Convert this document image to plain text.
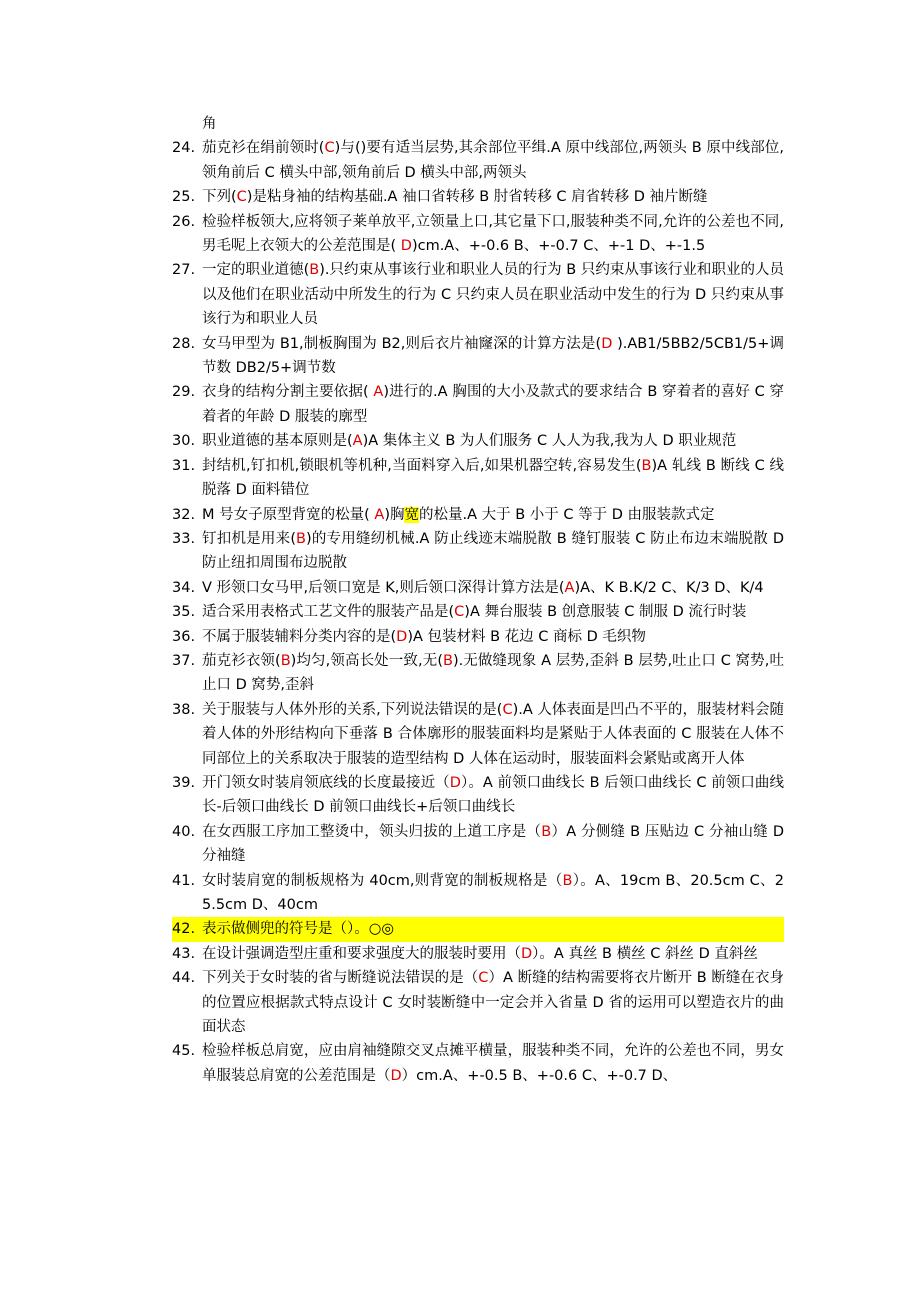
角
24. 茄克衫在绢前领时(C)与()要有适当层势,其余部位平缉.A 原中线部位,两领头 B 原中线部位,领角前后 C 横头中部,领角前后 D 横头中部,两领头
25. 下列(C)是粘身袖的结构基础.A 袖口省转移 B 肘省转移 C 肩省转移 D 袖片断缝
26. 检验样板领大,应将领子莱单放平,立领量上口,其它量下口,服装种类不同,允许的公差也不同,男毛呢上衣领大的公差范围是( D)cm.A、+-0.6 B、+-0.7 C、+-1 D、+-1.5
27. 一定的职业道德(B).只约束从事该行业和职业人员的行为 B 只约束从事该行业和职业的人员以及他们在职业活动中所发生的行为 C 只约束人员在职业活动中发生的行为 D 只约束从事该行为和职业人员
28. 女马甲型为 B1,制板胸围为 B2,则后衣片袖窿深的计算方法是(D ).AB1/5BB2/5CB1/5+调节数 DB2/5+调节数
29. 衣身的结构分割主要依据( A)进行的.A 胸围的大小及款式的要求结合 B 穿着者的喜好 C 穿着者的年龄 D 服装的廓型
30. 职业道德的基本原则是(A)A 集体主义 B 为人们服务 C 人人为我,我为人 D 职业规范
31. 封结机,钉扣机,锁眼机等机种,当面料穿入后,如果机器空转,容易发生(B)A 轧线 B 断线 C 线脱落 D 面料错位
32. M 号女子原型背宽的松量( A)胸宽的松量.A 大于 B 小于 C 等于 D 由服装款式定
33. 钉扣机是用来(B)的专用缝纫机械.A 防止线迹末端脱散 B 缝钉服装 C 防止布边末端脱散 D 防止纽扣周围布边脱散
34. V 形领口女马甲,后领口宽是 K,则后领口深得计算方法是(A)A、K B.K/2 C、K/3 D、K/4
35. 适合采用表格式工艺文件的服装产品是(C)A 舞台服装 B 创意服装 C 制服 D 流行时装
36. 不属于服装辅料分类内容的是(D)A 包装材料 B 花边 C 商标 D 毛织物
37. 茄克衫衣领(B)均匀,领高长处一致,无(B).无做缝现象 A 层势,歪斜 B 层势,吐止口 C 窝势,吐止口 D 窝势,歪斜
38. 关于服装与人体外形的关系,下列说法错误的是(C).A 人体表面是凹凸不平的，服装材料会随着人体的外形结构向下垂落 B 合体廓形的服装面料均是紧贴于人体表面的 C 服装在人体不同部位上的关系取决于服装的造型结构 D 人体在运动时，服装面料会紧贴或离开人体
39. 开门领女时装肩领底线的长度最接近（D）。A 前领口曲线长 B 后领口曲线长 C 前领口曲线长-后领口曲线长 D 前领口曲线长+后领口曲线长
40. 在女西服工序加工整烫中，领头归拔的上道工序是（B）A 分侧缝 B 压贴边 C 分袖山缝 D 分袖缝
41. 女时装肩宽的制板规格为 40cm,则背宽的制板规格是（B）。A、19cm B、20.5cm C、25.5cm D、40cm
42. 表示做侧兜的符号是（）。○◎
43. 在设计强调造型庄重和要求强度大的服装时要用（D）。A 真丝 B 横丝 C 斜丝 D 直斜丝
44. 下列关于女时装的省与断缝说法错误的是（C）A 断缝的结构需要将衣片断开 B 断缝在衣身的位置应根据款式特点设计 C 女时装断缝中一定会并入省量 D 省的运用可以塑造衣片的曲面状态
45. 检验样板总肩宽，应由肩袖缝隙交叉点摊平横量，服装种类不同，允许的公差也不同，男女单服装总肩宽的公差范围是（D）cm.A、+-0.5 B、+-0.6 C、+-0.7 D、
